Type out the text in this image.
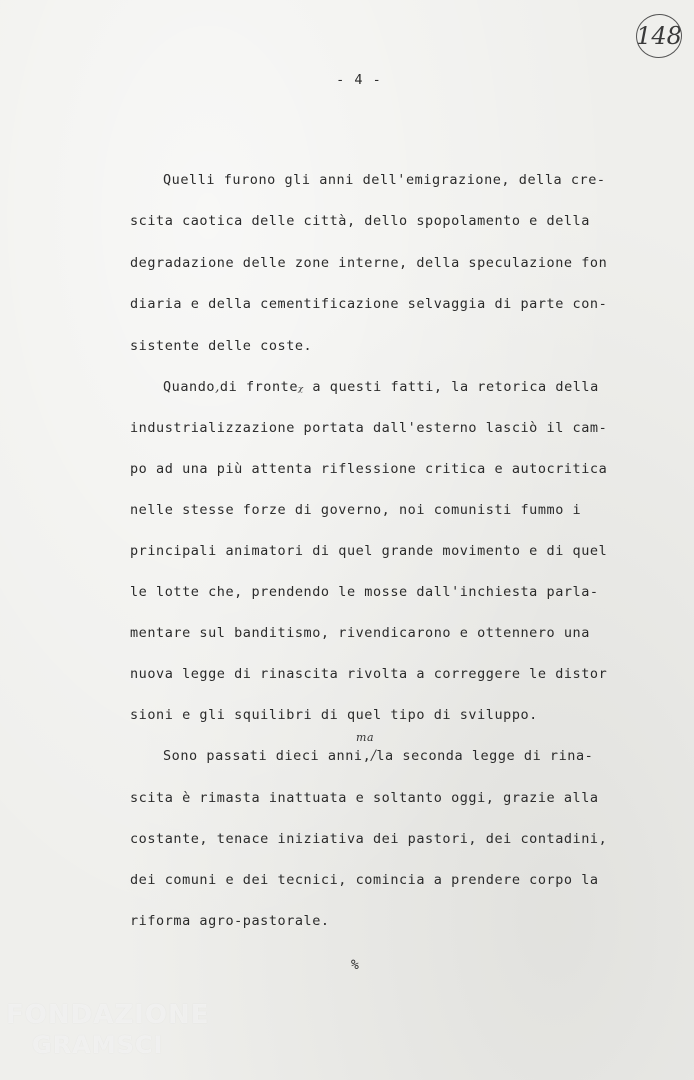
148
- 4 -
Quelli furono gli anni dell'emigrazione, della cre-
scita caotica delle città, dello spopolamento e della
degradazione delle zone interne, della speculazione fon
diaria e della cementificazione selvaggia di parte con-
sistente delle coste.
Quando,di fronteᵪ a questi fatti, la retorica della
industrializzazione portata dall'esterno lasciò il cam-
po ad una più attenta riflessione critica e autocritica
nelle stesse forze di governo, noi comunisti fummo i
principali animatori di quel grande movimento e di quel
le lotte che, prendendo le mosse dall'inchiesta parla-
mentare sul banditismo, rivendicarono e ottennero una
nuova legge di rinascita rivolta a correggere le distor
sioni e gli squilibri di quel tipo di sviluppo.
ma
Sono passati dieci anni,/la seconda legge di rina-
scita è rimasta inattuata e soltanto oggi, grazie alla
costante, tenace iniziativa dei pastori, dei contadini,
dei comuni e dei tecnici, comincia a prendere corpo la
riforma agro-pastorale.
%
FONDAZIONE
GRAMSCI
